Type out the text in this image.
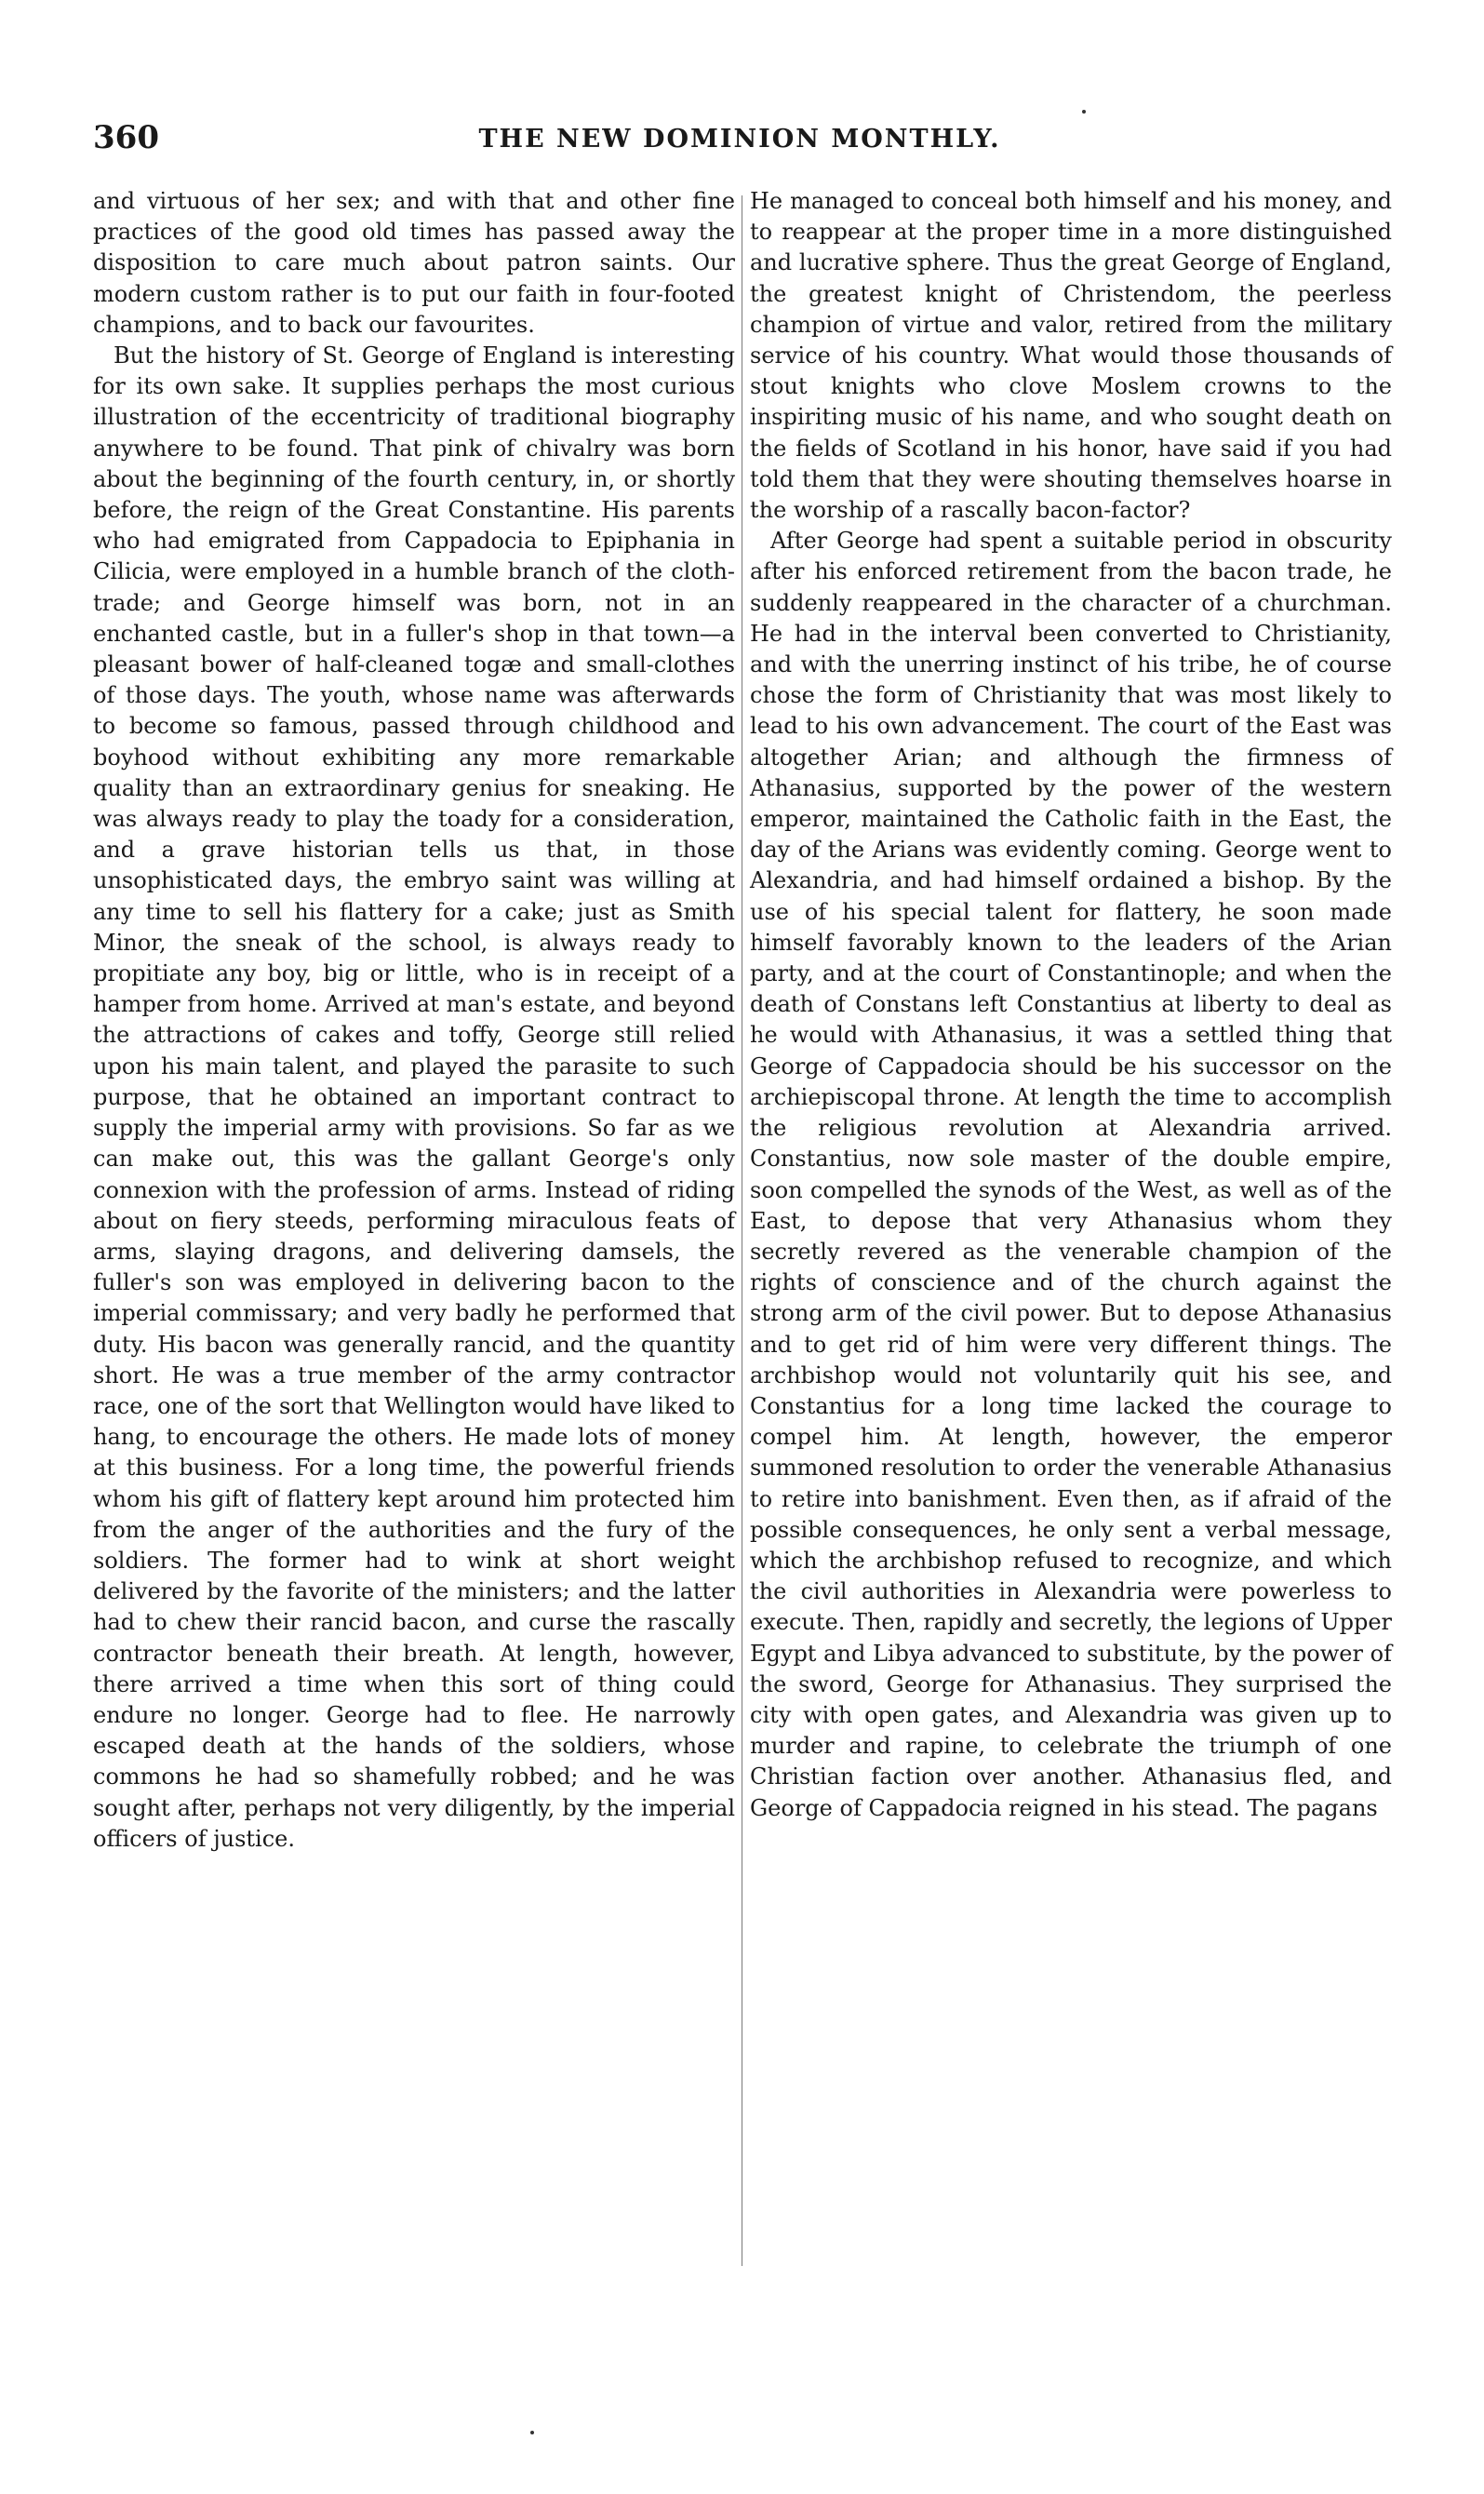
360	THE NEW DOMINION MONTHLY.

and virtuous of her sex; and with that and other fine practices of the good old times has passed away the disposition to care much about patron saints. Our modern custom rather is to put our faith in four-footed champions, and to back our favourites.

But the history of St. George of England is interesting for its own sake. It supplies perhaps the most curious illustration of the eccentricity of traditional biography anywhere to be found. That pink of chivalry was born about the beginning of the fourth century, in, or shortly before, the reign of the Great Constantine. His parents who had emigrated from Cappadocia to Epiphania in Cilicia, were employed in a humble branch of the cloth-trade; and George himself was born, not in an enchanted castle, but in a fuller's shop in that town—a pleasant bower of half-cleaned togæ and small-clothes of those days. The youth, whose name was afterwards to become so famous, passed through childhood and boyhood without exhibiting any more remarkable quality than an extraordinary genius for sneaking. He was always ready to play the toady for a consideration, and a grave historian tells us that, in those unsophisticated days, the embryo saint was willing at any time to sell his flattery for a cake; just as Smith Minor, the sneak of the school, is always ready to propitiate any boy, big or little, who is in receipt of a hamper from home. Arrived at man's estate, and beyond the attractions of cakes and toffy, George still relied upon his main talent, and played the parasite to such purpose, that he obtained an important contract to supply the imperial army with provisions. So far as we can make out, this was the gallant George's only connexion with the profession of arms. Instead of riding about on fiery steeds, performing miraculous feats of arms, slaying dragons, and delivering damsels, the fuller's son was employed in delivering bacon to the imperial commissary; and very badly he performed that duty. His bacon was generally rancid, and the quantity short. He was a true member of the army contractor race, one of the sort that Wellington would have liked to hang, to encourage the others. He made lots of money at this business. For a long time, the powerful friends whom his gift of flattery kept around him protected him from the anger of the authorities and the fury of the soldiers. The former had to wink at short weight delivered by the favorite of the ministers; and the latter had to chew their rancid bacon, and curse the rascally contractor beneath their breath. At length, however, there arrived a time when this sort of thing could endure no longer. George had to flee. He narrowly escaped death at the hands of the soldiers, whose commons he had so shamefully robbed; and he was sought after, perhaps not very diligently, by the imperial officers of justice.

He managed to conceal both himself and his money, and to reappear at the proper time in a more distinguished and lucrative sphere. Thus the great George of England, the greatest knight of Christendom, the peerless champion of virtue and valor, retired from the military service of his country. What would those thousands of stout knights who clove Moslem crowns to the inspiriting music of his name, and who sought death on the fields of Scotland in his honor, have said if you had told them that they were shouting themselves hoarse in the worship of a rascally bacon-factor?

After George had spent a suitable period in obscurity after his enforced retirement from the bacon trade, he suddenly reappeared in the character of a churchman. He had in the interval been converted to Christianity, and with the unerring instinct of his tribe, he of course chose the form of Christianity that was most likely to lead to his own advancement. The court of the East was altogether Arian; and although the firmness of Athanasius, supported by the power of the western emperor, maintained the Catholic faith in the East, the day of the Arians was evidently coming. George went to Alexandria, and had himself ordained a bishop. By the use of his special talent for flattery, he soon made himself favorably known to the leaders of the Arian party, and at the court of Constantinople; and when the death of Constans left Constantius at liberty to deal as he would with Athanasius, it was a settled thing that George of Cappadocia should be his successor on the archiepiscopal throne. At length the time to accomplish the religious revolution at Alexandria arrived. Constantius, now sole master of the double empire, soon compelled the synods of the West, as well as of the East, to depose that very Athanasius whom they secretly revered as the venerable champion of the rights of conscience and of the church against the strong arm of the civil power. But to depose Athanasius and to get rid of him were very different things. The archbishop would not voluntarily quit his see, and Constantius for a long time lacked the courage to compel him. At length, however, the emperor summoned resolution to order the venerable Athanasius to retire into banishment. Even then, as if afraid of the possible consequences, he only sent a verbal message, which the archbishop refused to recognize, and which the civil authorities in Alexandria were powerless to execute. Then, rapidly and secretly, the legions of Upper Egypt and Libya advanced to substitute, by the power of the sword, George for Athanasius. They surprised the city with open gates, and Alexandria was given up to murder and rapine, to celebrate the triumph of one Christian faction over another. Athanasius fled, and George of Cappadocia reigned in his stead. The pagans
